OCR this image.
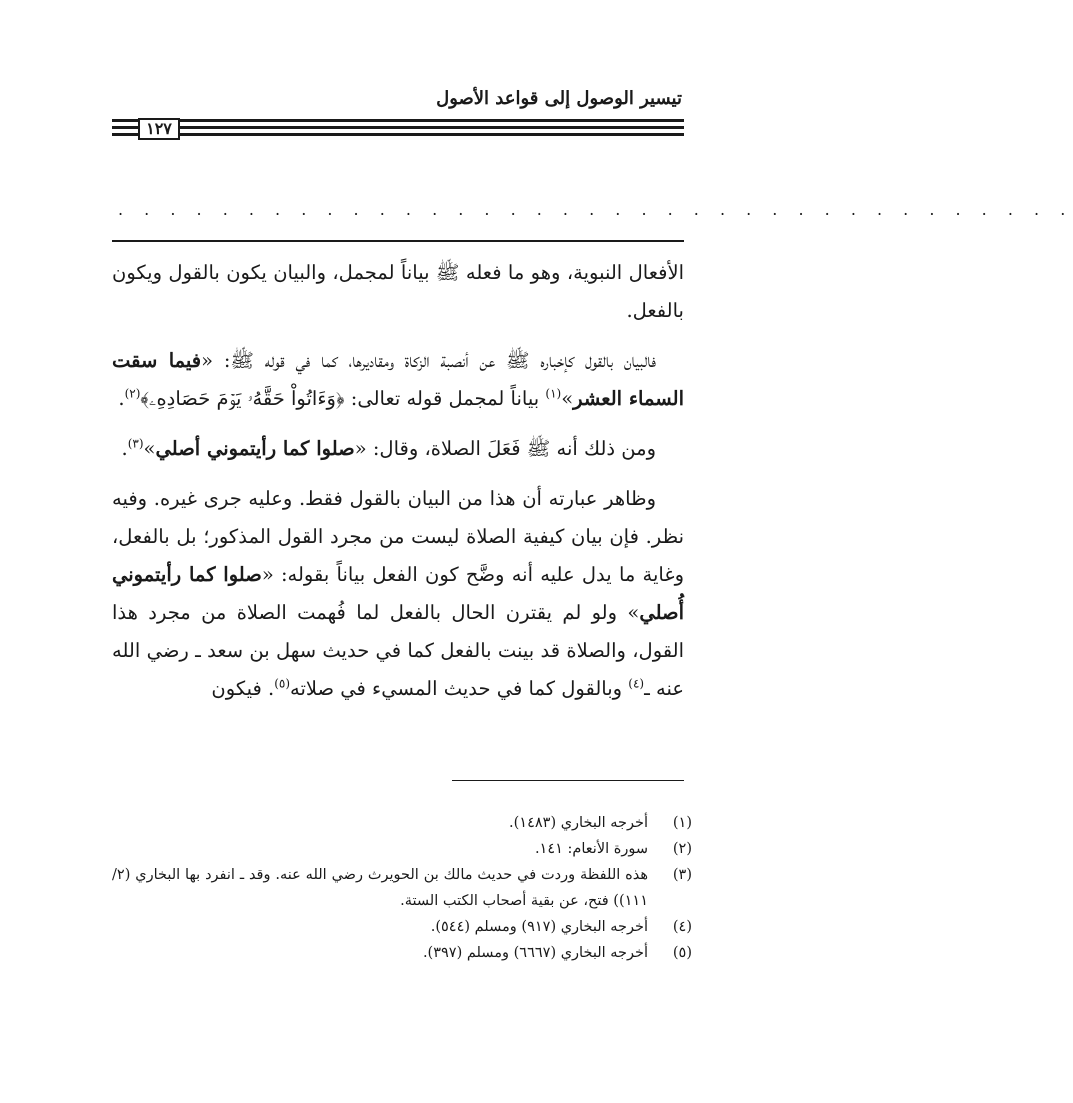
تيسير الوصول إلى قواعد الأصول
١٢٧
. . . . . . . . . . . . . . . . . . . . . . . . . . . . . . . . . . . . .

الأفعال النبوية، وهو ما فعله ﷺ بياناً لمجمل، والبيان يكون بالقول ويكون بالفعل.

فالبيان بالقول كإخباره ﷺ عن أنصبة الزكاة ومقاديرها، كما في قوله ﷺ: «فيما سقت السماء العشر»$^{(١)}$ بياناً لمجمل قوله تعالى: ﴿وَءَاتُواْ حَقَّهُۥ يَوۡمَ حَصَادِهِۦ﴾$^{(٢)}$.

ومن ذلك أنه ﷺ فَعَلَ الصلاة، وقال: «صلوا كما رأيتموني أصلي»$^{(٣)}$.

وظاهر عبارته أن هذا من البيان بالقول فقط. وعليه جرى غيره. وفيه نظر. فإن بيان كيفية الصلاة ليست من مجرد القول المذكور؛ بل بالفعل، وغاية ما يدل عليه أنه وضَّح كون الفعل بياناً بقوله: «صلوا كما رأيتموني أُصلي» ولو لم يقترن الحال بالفعل لما فُهمت الصلاة من مجرد هذا القول، والصلاة قد بينت بالفعل كما في حديث سهل بن سعد ـ رضي الله عنه ـ$^{(٤)}$ وبالقول كما في حديث المسيء في صلاته$^{(٥)}$. فيكون

(١)
أخرجه البخاري (١٤٨٣).
(٢)
سورة الأنعام: ١٤١.
(٣)
هذه اللفظة وردت في حديث مالك بن الحويرث رضي الله عنه. وقد ـ انفرد بها البخاري (٢/ ١١١)) فتح، عن بقية أصحاب الكتب الستة.
(٤)
أخرجه البخاري (٩١٧) ومسلم (٥٤٤).
(٥)
أخرجه البخاري (٦٦٦٧) ومسلم (٣٩٧).
